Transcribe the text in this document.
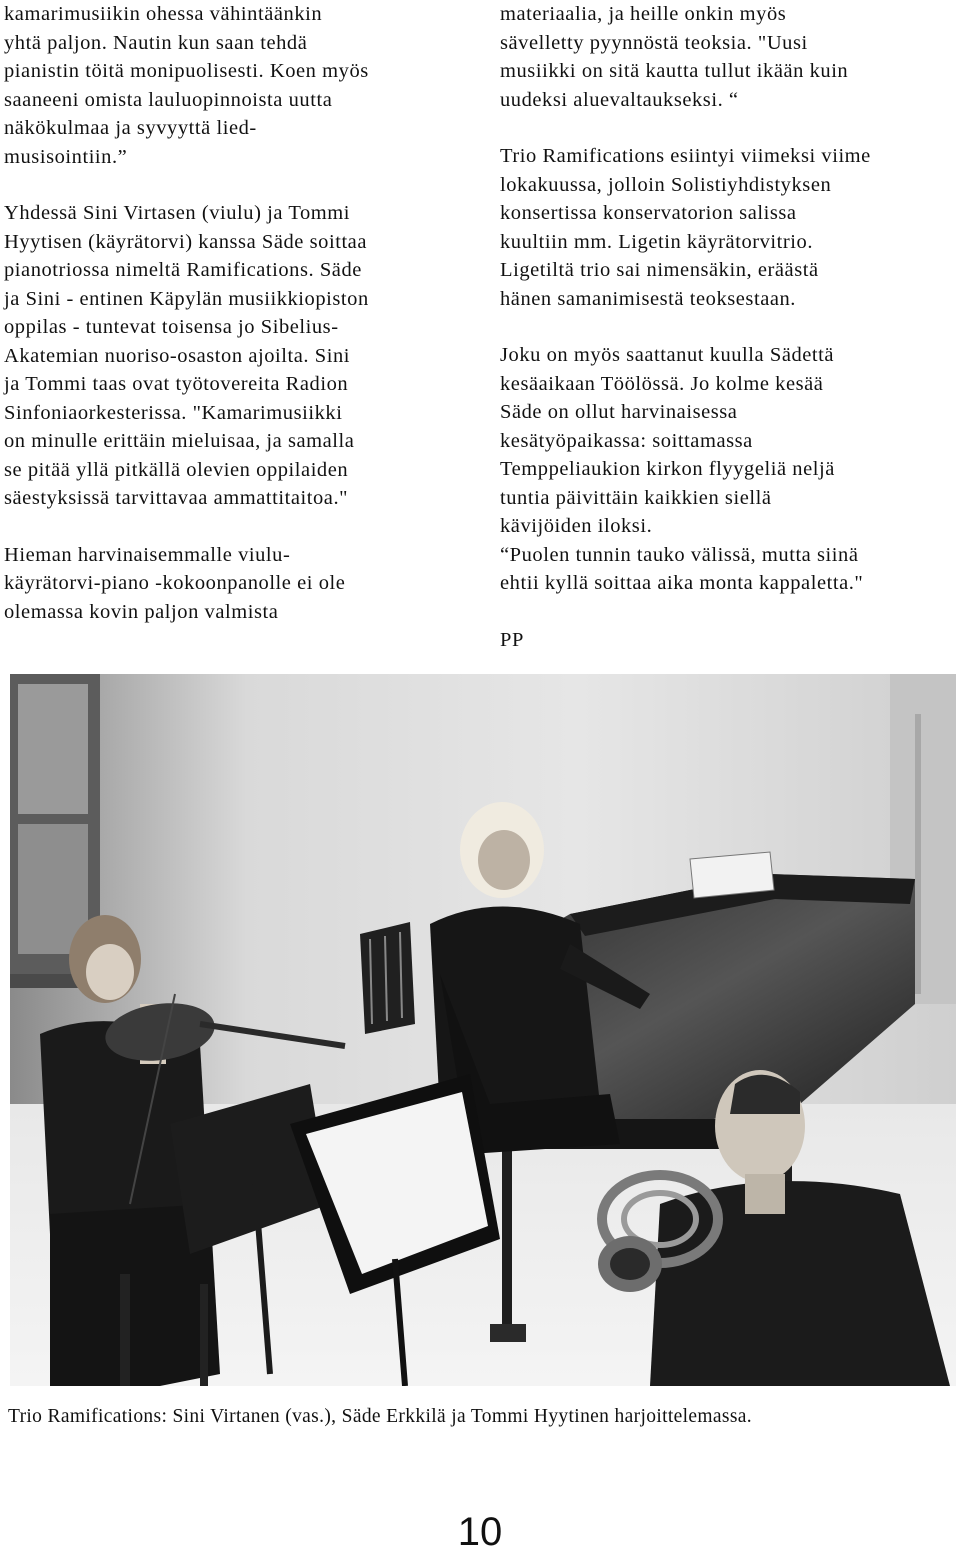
kamarimusiikin ohessa vähintäänkin
yhtä paljon. Nautin kun saan tehdä
pianistin töitä monipuolisesti. Koen myös
saaneeni omista lauluopinnoista uutta
näkökulmaa ja syvyyttä lied-
musisointiin.”

Yhdessä Sini Virtasen (viulu) ja Tommi
Hyytisen (käyrätorvi) kanssa Säde soittaa
pianotriossa nimeltä Ramifications. Säde
ja Sini - entinen Käpylän musiikkiopiston
oppilas - tuntevat toisensa jo Sibelius-
Akatemian nuoriso-osaston ajoilta. Sini
ja Tommi taas ovat työtovereita Radion
Sinfoniaorkesterissa. "Kamarimusiikki
on minulle erittäin mieluisaa, ja samalla
se pitää yllä pitkällä olevien oppilaiden
säestyksissä tarvittavaa ammattitaitoa."

Hieman harvinaisemmalle viulu-
käyrätorvi-piano -kokoonpanolle ei ole
olemassa kovin paljon valmista

materiaalia, ja heille onkin myös
sävelletty pyynnöstä teoksia. "Uusi
musiikki on sitä kautta tullut ikään kuin
uudeksi aluevaltaukseksi. “

Trio Ramifications esiintyi viimeksi viime
lokakuussa, jolloin Solistiyhdistyksen
konsertissa konservatorion salissa
kuultiin mm. Ligetin käyrätorvitrio.
Ligetiltä trio sai nimensäkin, eräästä
hänen samanimisestä teoksestaan.

Joku on myös saattanut kuulla Sädettä
kesäaikaan Töölössä. Jo kolme kesää
Säde on ollut harvinaisessa
kesätyöpaikassa: soittamassa
Temppeliaukion kirkon flyygeliä neljä
tuntia päivittäin kaikkien siellä
kävijöiden iloksi.
“Puolen tunnin tauko välissä, mutta siinä
ehtii kyllä soittaa aika monta kappaletta."

PP

Trio Ramifications: Sini Virtanen (vas.), Säde Erkkilä ja Tommi Hyytinen harjoittelemassa.
10
